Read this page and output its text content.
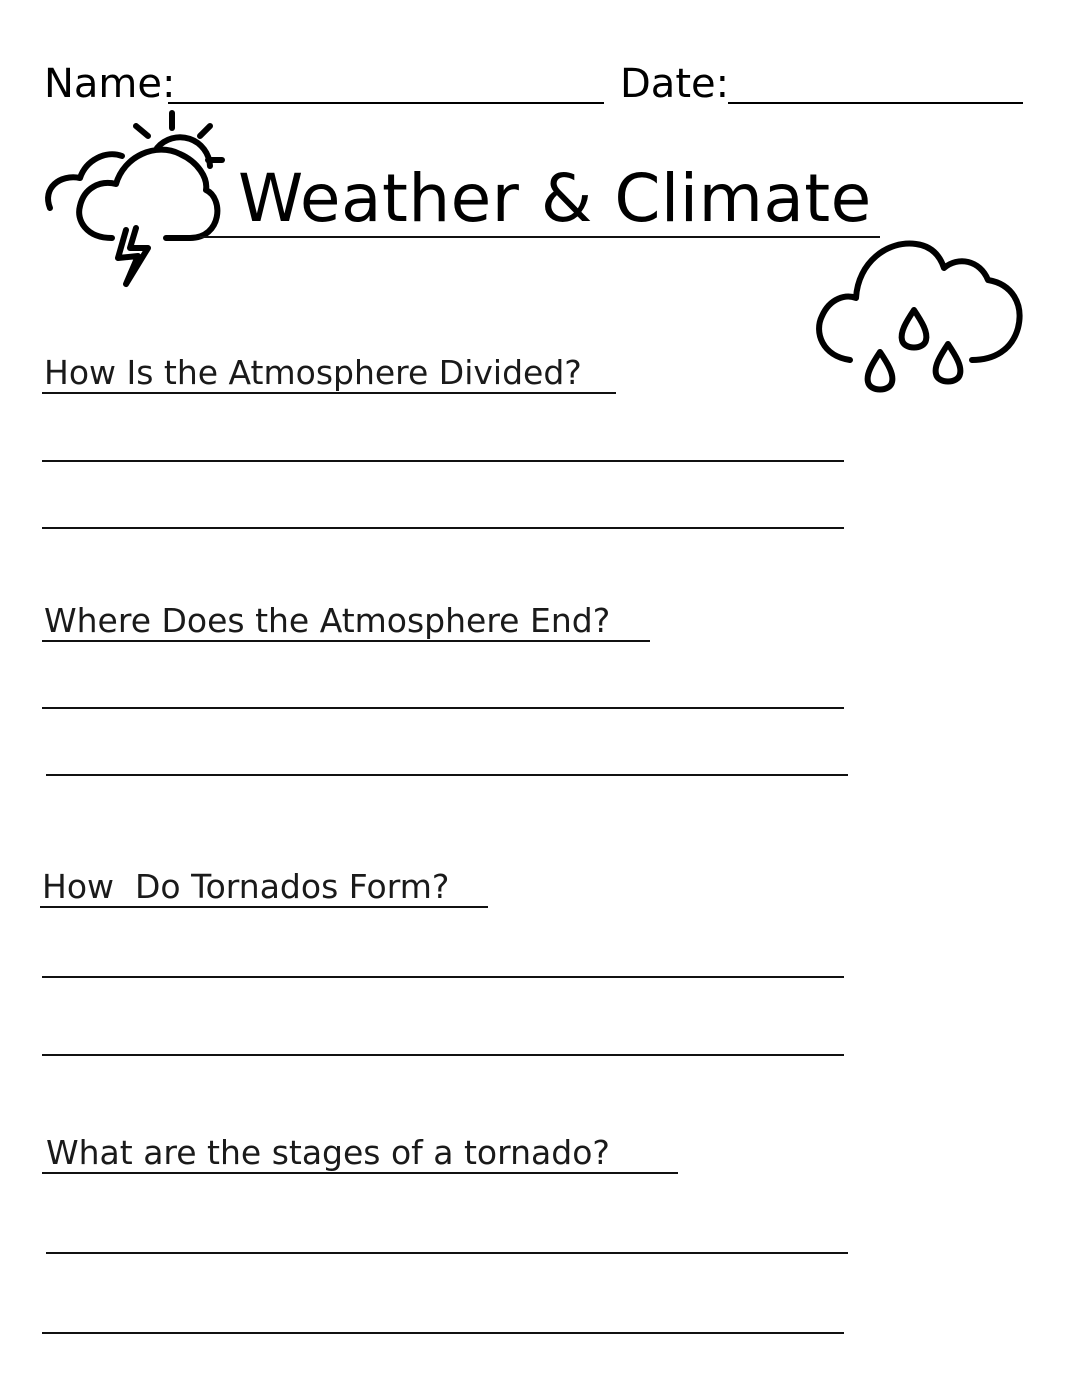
Name:	Date:
Weather & Climate
How Is the Atmosphere Divided?
Where Does the Atmosphere End?
How  Do Tornados Form?
What are the stages of a tornado?
